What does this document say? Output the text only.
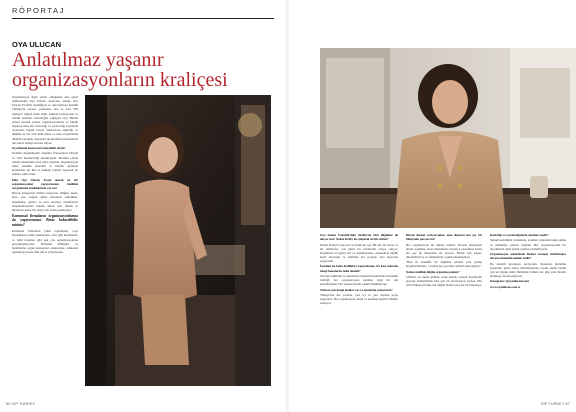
RÖPORTAJ
OYA ULUCAN
Anlatılmaz yaşanır organizasyonların kraliçesi

Organizasyon deyin yılları olduğunda akla gelen isimlerinden Oya Ulucan, kurucusu olduğu Oya Ulucan Event'in eşsizliğiyle ve onu kurmayı kendini Türkiye'de sayısız, yaşanılası, hoş ve özel VIP Turkey'e değerli kılan aldık. Sektörü profesyonel ve estetik anlamda ilerlettiğini sağlayan Oya Hanım yıllara uzanan sayısız organizasyonlarla ve büyük başarıya imza attı. Kalıcılığı ve yaratıcılığı sayesinde aralarında büyük birçok uluslararası etkinliği ve düğünü de yer alan ünlü şirket ve isim, hayalindeki düğünü yaşamak isteyenler ile kurumsal işletmelerin tek adresi olmaya devam ediyor.

Oya Hanım kısaca sizi tanıyabilir miyiz?

İstanbul doğumluyum. İstanbul Üniversitesi Turizm ve Otel İşletmeciliği mezunuyum. Mesleki olarak turizm sektöründe uzun yıllar çalıştım. Organizasyon işleri, etkinlik yönetimi ve misafir ağırlama konusunda bir ilki ve tutkuyu içimde taşıyarak bu sektöre adım attım.

Peki Oya Ulucan Event olarak ne tür organizasyonlar yapıyorsunuz, özellikle vurgulamak istedikleriniz var mı?

Birçok kategoride hizmet veriyoruz. Düğün, nişan, kına, söz, doğum günü, kurumsal etkinlikler, lansmanlar, galalar ve özel davetler; misafirlerin karşılanmasından sunum, dekor, ışık, müzik ve ikramlara kadar her detayı tek elden planlıyoruz.

Kurumsal firmaların organizasyonlarına da yapıyorsunuz. Biraz bahsedebilir misiniz?

Kurumsal firmaların yıllık toplantıları, bayi buluşmaları, ürün lansmanları, özel gün kutlamaları ve ödül törenleri gibi pek çok organizasyonunu gerçekleştiriyoruz. Firmanın kimliğine ve hedeflerine uygun konseptler oluşturuyor, sahneden ağırlamaya kadar tüm süreci yönetiyoruz.

66 VIP TURKEY

Oya hanım İstanbul'daki Oteller'de tüm düğünler de oluyor mu? Neden Dolby ile çalışmak tercih ettiniz?

Neden Dolby'le çok özel ve farklı bir şey. Bir stil, bir lezzet ve bir ambiyans; çok güzel bir beraberlik ortaya çıkıyor. İstanbul'un en güzel otel ve mekânlarında çalışmaktan büyük keyif alıyorum ve ekibimle her projede aynı heyecanı yaşıyorum.

İstanbul'un fazla özellikleri yapacaksınız, bu kısa noktada hangi konularda daha önemli?

Tasarım, kültürün ve aksesuarın başkenti İstanbul'un en önemli özelliği; her organizasyona kendine özgü bir ruh katabilmemiz. Her zaman misafir odaklı düşünüyoruz.

Sizin en çok hangi alanlar var ve nerelerde çalışırsınız?

Türkiye'nin her yerinde, yurt içi ve yurt dışında proje yapıyoruz. Her organizasyon farklı ve kendine özgü bir hikâye anlatıyor.

Birçok hizmet veriyorsunuz, ama doğrusu her şey bir hikâyenin parçası mı?

Her organizasyon bir hikâye aslında. Davetli listesinden ikram seçimine, masa düzeninden davetiye tasarımına kadar her şey bu hikâyenin bir parçası. Bizim için başarı, misafirlerin ve ev sahiplerinin o günü unutamaması.

"Ben en önemlisi bir düğünün içinden yola çıkılıp kurgulanmasıdır; o zaman her şey daha anlamlı hale geliyor."

Neden özellikle düğün organizasyonları?

Çiftlerin en mutlu gününe ortak olmak, onların hayallerini gerçeğe dönüştürmek bize ayrı bir motivasyon veriyor. Her çiftin hikâyesi farklı, her düğün bizim için yeni bir başlangıç.

Kalıcılığı ve yaratıcılığınızın anahtarı nedir?

Sürekli kendimizi yenilemek, trendleri yakından takip etmek ve ekibimize yatırım yapmak. Her organizasyonda bir öncekinden daha iyisini yapmayı hedefliyoruz.

Organizasyon sektöründe hizmet vermeyi sürdürmeye devam etmenizin nedeni nedir?

Bu sektörü gerçekten seviyorum. İnsanlara mutluluk yaşatmak, güzel anılar biriktirmelerine vesile olmak benim için en büyük ödül. Ekibimle birlikte her gün yeni fikirler üretmeye devam ediyoruz.

Instagram: @oyaulucanevent

www.oyaulucan.com.tr

VIP TURKEY 67
